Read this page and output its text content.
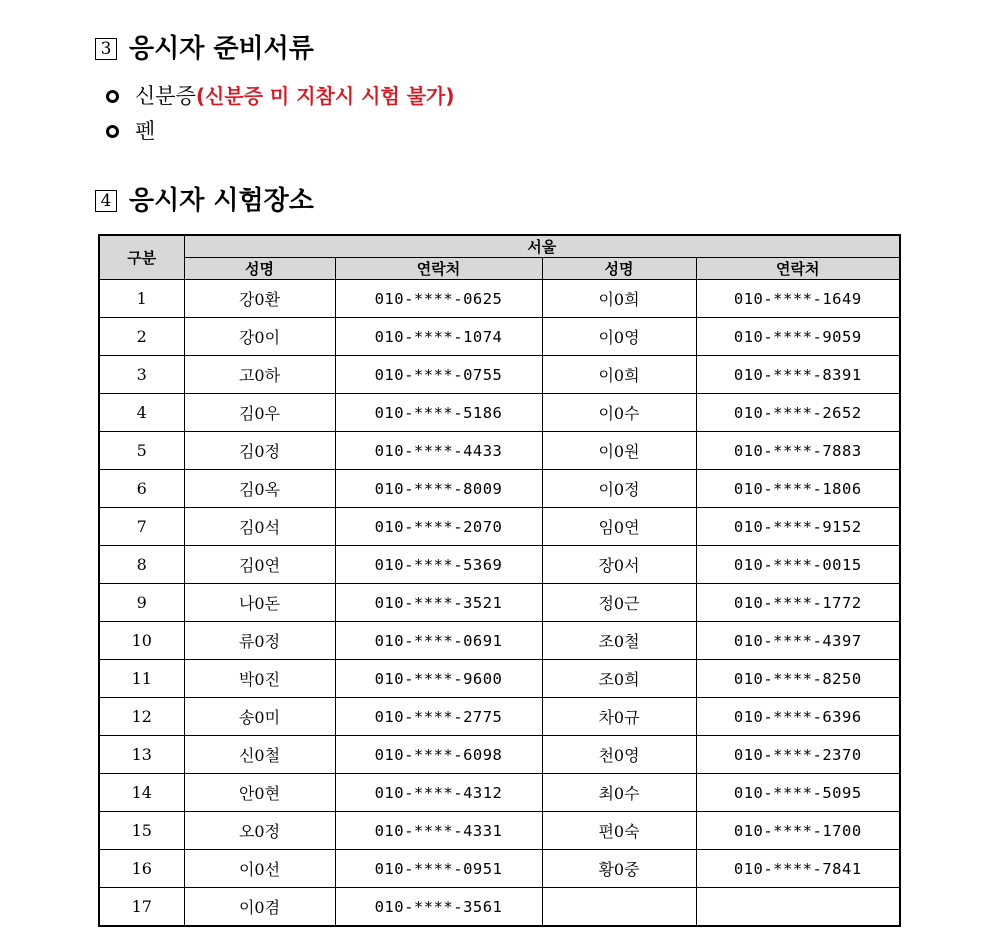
3 응시자 준비서류
신분증 (신분증 미 지참시 시험 불가)
펜
4 응시자 시험장소
구분	서울			
	성명	연락처	성명	연락처
1	강0환	010-****-0625	이0희	010-****-1649
2	강0이	010-****-1074	이0영	010-****-9059
3	고0하	010-****-0755	이0희	010-****-8391
4	김0우	010-****-5186	이0수	010-****-2652
5	김0정	010-****-4433	이0원	010-****-7883
6	김0옥	010-****-8009	이0정	010-****-1806
7	김0석	010-****-2070	임0연	010-****-9152
8	김0연	010-****-5369	장0서	010-****-0015
9	나0돈	010-****-3521	정0근	010-****-1772
10	류0정	010-****-0691	조0철	010-****-4397
11	박0진	010-****-9600	조0희	010-****-8250
12	송0미	010-****-2775	차0규	010-****-6396
13	신0철	010-****-6098	천0영	010-****-2370
14	안0현	010-****-4312	최0수	010-****-5095
15	오0정	010-****-4331	편0숙	010-****-1700
16	이0선	010-****-0951	황0중	010-****-7841
17	이0겸	010-****-3561		
